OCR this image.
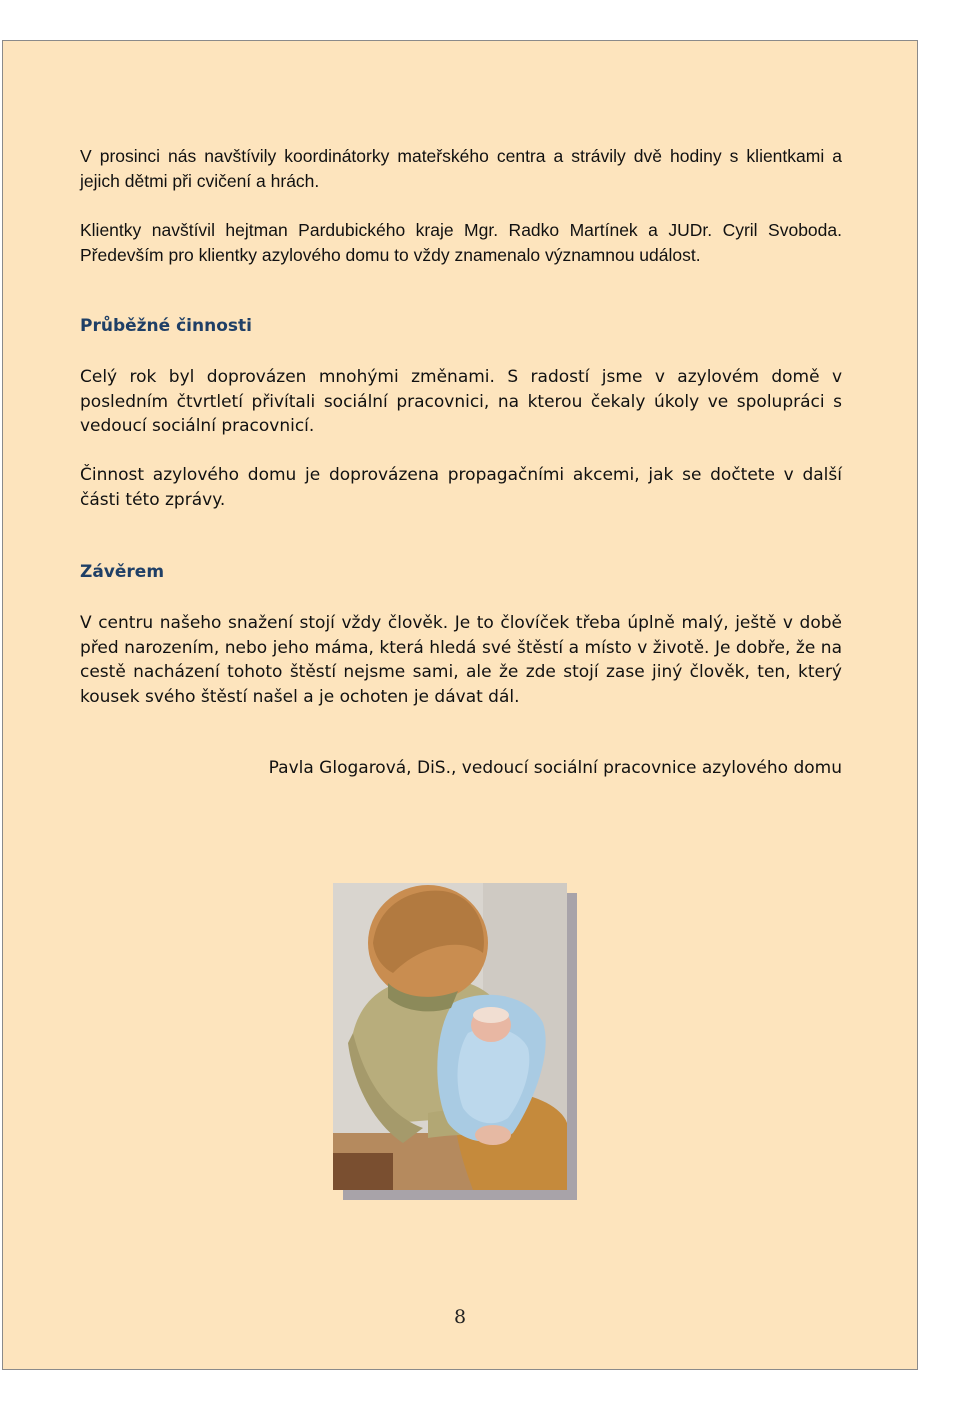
V prosinci nás navštívily koordinátorky mateřského centra a strávily dvě hodiny s klientkami a jejich dětmi při cvičení a hrách.

Klientky navštívil hejtman Pardubického kraje Mgr. Radko Martínek a JUDr. Cyril Svoboda. Především pro klientky azylového domu to vždy znamenalo významnou událost.

Průběžné činnosti

Celý rok byl doprovázen mnohými změnami. S radostí jsme v azylovém domě v posledním čtvrtletí přivítali sociální pracovnici, na kterou čekaly úkoly ve spolupráci s vedoucí sociální pracovnicí.

Činnost azylového domu je doprovázena propagačními akcemi, jak se dočtete v další části této zprávy.

Závěrem

V centru našeho snažení stojí vždy člověk. Je to človíček třeba úplně malý, ještě v době před narozením, nebo jeho máma, která hledá své štěstí a místo v životě. Je dobře, že na cestě nacházení tohoto štěstí nejsme sami, ale že zde stojí zase jiný člověk, ten, který kousek svého štěstí našel a je ochoten je dávat dál.

Pavla Glogarová, DiS., vedoucí sociální pracovnice azylového domu

8
